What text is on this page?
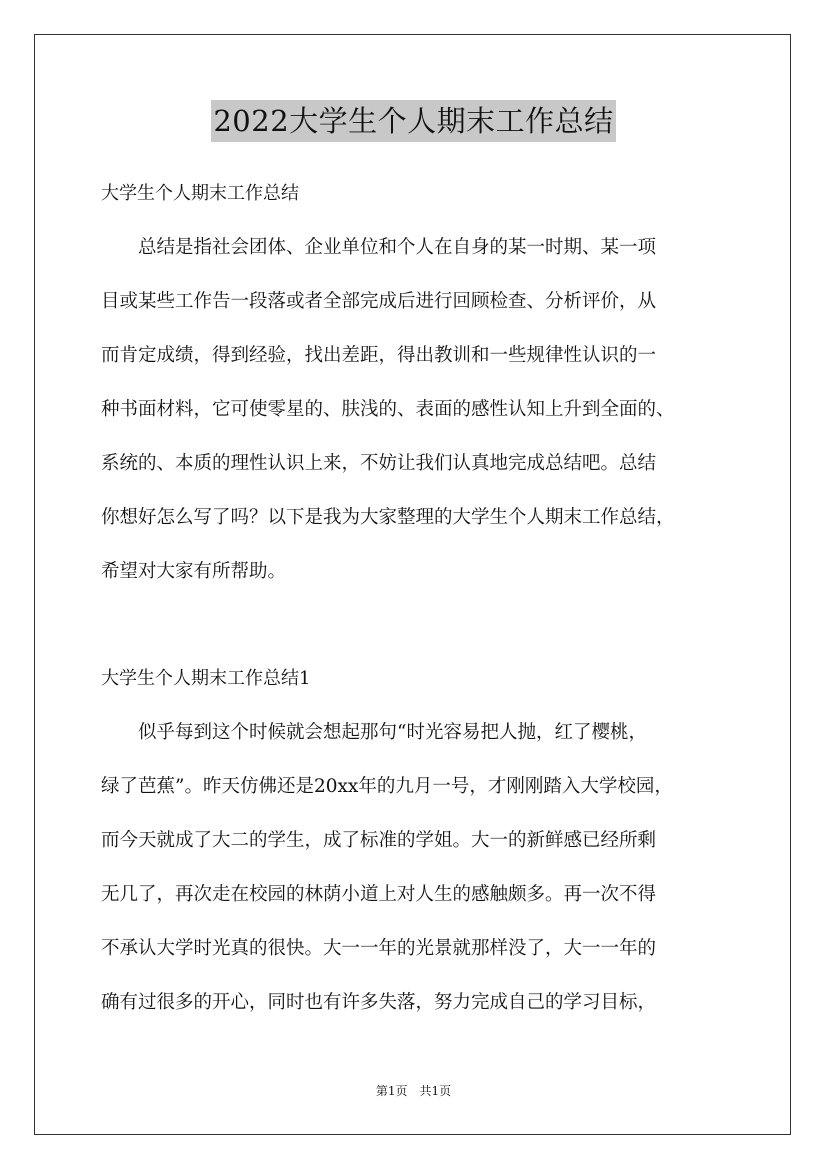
2022大学生个人期末工作总结
大学生个人期末工作总结
　　总结是指社会团体、企业单位和个人在自身的某一时期、某一项
目或某些工作告一段落或者全部完成后进行回顾检查、分析评价，从
而肯定成绩，得到经验，找出差距，得出教训和一些规律性认识的一
种书面材料，它可使零星的、肤浅的、表面的感性认知上升到全面的、
系统的、本质的理性认识上来，不妨让我们认真地完成总结吧。总结
你想好怎么写了吗？以下是我为大家整理的大学生个人期末工作总结，
希望对大家有所帮助。
大学生个人期末工作总结1
　　似乎每到这个时候就会想起那句“时光容易把人抛，红了樱桃，
绿了芭蕉”。昨天仿佛还是20xx年的九月一号，才刚刚踏入大学校园，
而今天就成了大二的学生，成了标准的学姐。大一的新鲜感已经所剩
无几了，再次走在校园的林荫小道上对人生的感触颇多。再一次不得
不承认大学时光真的很快。大一一年的光景就那样没了，大一一年的
确有过很多的开心，同时也有许多失落，努力完成自己的学习目标，
第1页　共1页
